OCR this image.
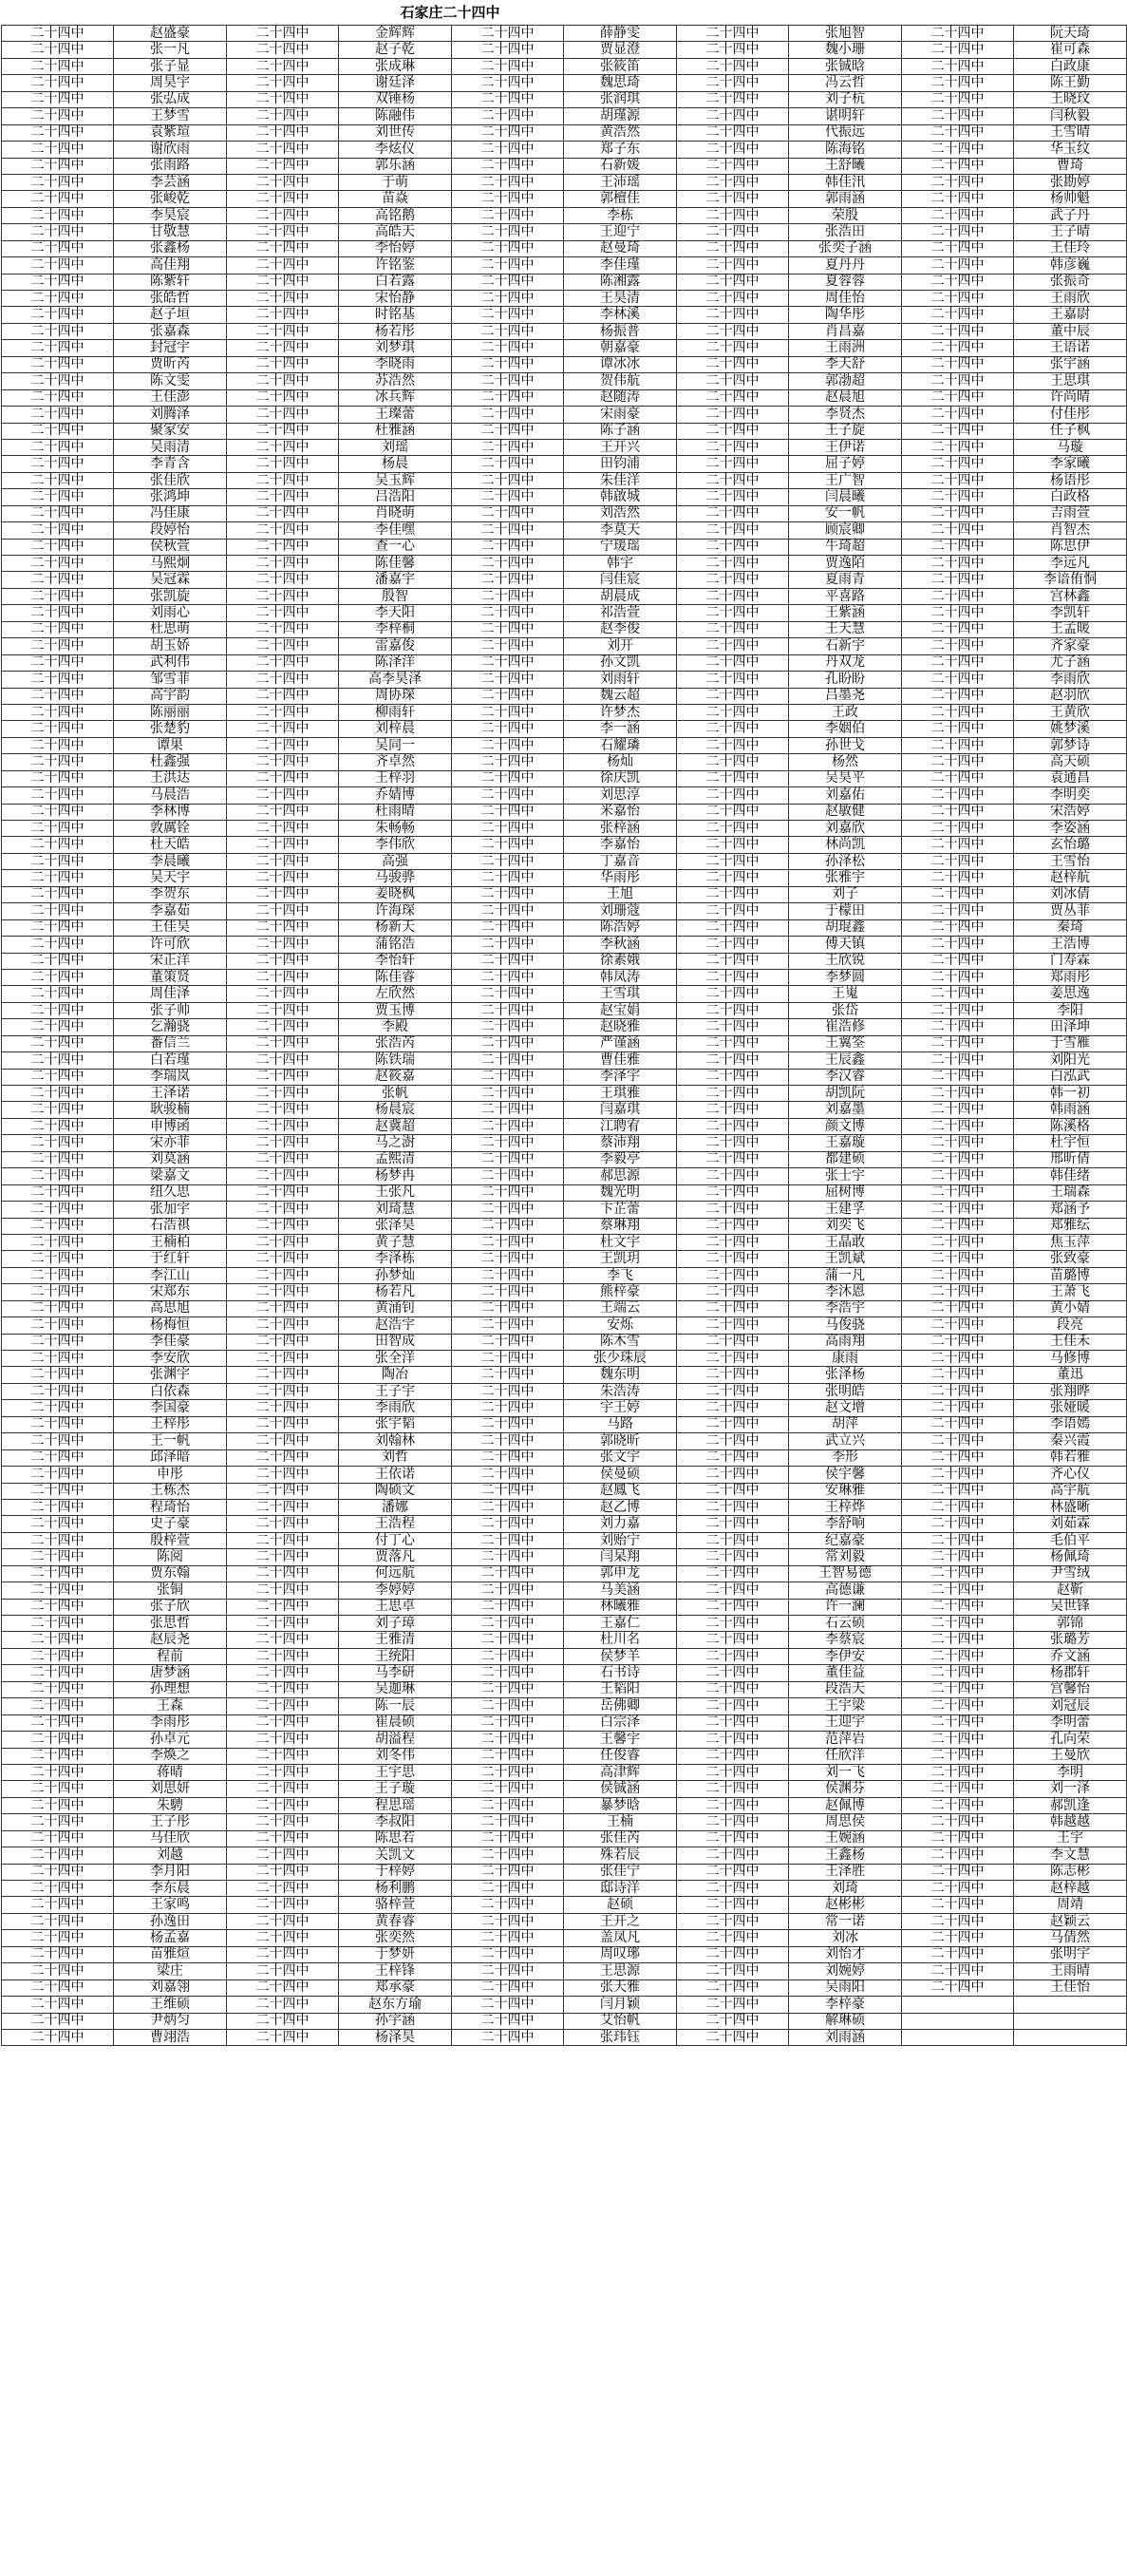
石家庄二十四中
二十四中	赵盛豪	二十四中	金辉辉	二十四中	薛静雯	二十四中	张旭智	二十四中	阮天琦
二十四中	张一凡	二十四中	赵子乾	二十四中	贾显澄	二十四中	魏小珊	二十四中	崔可森
二十四中	张子显	二十四中	张成琳	二十四中	张筱笛	二十四中	张铖晗	二十四中	白政康
二十四中	周昊宇	二十四中	谢廷泽	二十四中	魏思琦	二十四中	冯云哲	二十四中	陈王勤
二十四中	张弘成	二十四中	双锤杨	二十四中	张润琪	二十四中	刘子杭	二十四中	王晓玟
二十四中	王梦雪	二十四中	陈融伟	二十四中	胡瑾源	二十四中	谌明轩	二十四中	闫秋毅
二十四中	袁紫瑄	二十四中	刘世传	二十四中	黄浩然	二十四中	代振远	二十四中	王雪晴
二十四中	谢欣雨	二十四中	李炫仪	二十四中	郑子东	二十四中	陈海铭	二十四中	华玉纹
二十四中	张雨路	二十四中	郭乐涵	二十四中	石新媛	二十四中	王舒曦	二十四中	曹琦
二十四中	李芸涵	二十四中	于萌	二十四中	王沛瑶	二十四中	韩佳汛	二十四中	张勘婷
二十四中	张峻乾	二十四中	苗焱	二十四中	郭檀佳	二十四中	郭雨涵	二十四中	杨帅魁
二十四中	李昊宸	二十四中	高铭鹅	二十四中	李栋	二十四中	荣殷	二十四中	武子丹
二十四中	甘敬慧	二十四中	高皓天	二十四中	王迎宁	二十四中	张浩田	二十四中	王子晴
二十四中	张鑫杨	二十四中	李怡婷	二十四中	赵曼琦	二十四中	张奕子涵	二十四中	王佳玲
二十四中	高佳翔	二十四中	许铭鉴	二十四中	李佳瑾	二十四中	夏丹丹	二十四中	韩彦巍
二十四中	陈紫轩	二十四中	白若露	二十四中	陈湘露	二十四中	夏蓉蓉	二十四中	张振奇
二十四中	张皓哲	二十四中	宋怡静	二十四中	王昊清	二十四中	周佳怡	二十四中	王雨欣
二十四中	赵子垣	二十四中	时铭基	二十四中	李林溪	二十四中	陶华彤	二十四中	王嘉尉
二十四中	张嘉森	二十四中	杨若彤	二十四中	杨振普	二十四中	肖昌嘉	二十四中	董中辰
二十四中	封冠宇	二十四中	刘梦琪	二十四中	朝嘉豪	二十四中	王雨洲	二十四中	王语诺
二十四中	贾昕芮	二十四中	李晓雨	二十四中	谭冰冰	二十四中	李天舒	二十四中	张宇涵
二十四中	陈文雯	二十四中	苏浩然	二十四中	贺伟航	二十四中	郭渤超	二十四中	王思琪
二十四中	王佳澎	二十四中	冰兵辉	二十四中	赵随涛	二十四中	赵晨旭	二十四中	许尚晴
二十四中	刘腾泽	二十四中	王璨蕾	二十四中	宋雨豪	二十四中	李贤杰	二十四中	付佳彤
二十四中	聚家安	二十四中	杜雅涵	二十四中	陈子涵	二十四中	王子旋	二十四中	任子枫
二十四中	吴雨清	二十四中	刘瑶	二十四中	王开兴	二十四中	王伊诺	二十四中	马璇
二十四中	李青含	二十四中	杨晨	二十四中	田钧浦	二十四中	屈子婷	二十四中	李家曦
二十四中	张佳欣	二十四中	吴玉辉	二十四中	朱佳洋	二十四中	王广智	二十四中	杨语彤
二十四中	张鸿坤	二十四中	吕浩阳	二十四中	韩啟城	二十四中	闫晨曦	二十四中	白政格
二十四中	冯佳康	二十四中	肖晓萌	二十四中	刘浩然	二十四中	安一帆	二十四中	吉雨萱
二十四中	段婷怡	二十四中	李佳嘿	二十四中	李莫天	二十四中	顾宸卿	二十四中	肖智杰
二十四中	侯秋萱	二十四中	查一心	二十四中	宁瑗瑶	二十四中	牛琦超	二十四中	陈思伊
二十四中	马熙炯	二十四中	陈佳馨	二十四中	韩宇	二十四中	贾逸陌	二十四中	李远凡
二十四中	吴冠霖	二十四中	潘嘉宇	二十四中	闫佳宸	二十四中	夏雨青	二十四中	李谙侑恫
二十四中	张凯旋	二十四中	殷智	二十四中	胡晨成	二十四中	平喜路	二十四中	宫林鑫
二十四中	刘雨心	二十四中	李天阳	二十四中	祁浩萱	二十四中	王紫涵	二十四中	李凯轩
二十四中	杜思萌	二十四中	李梓桐	二十四中	赵李俊	二十四中	王天慧	二十四中	王孟暖
二十四中	胡玉娇	二十四中	雷嘉俊	二十四中	刘开	二十四中	石新宇	二十四中	齐家豪
二十四中	武利伟	二十四中	陈泽洋	二十四中	孙文凯	二十四中	丹双龙	二十四中	尤子涵
二十四中	邹雪菲	二十四中	高李昊泽	二十四中	刘雨轩	二十四中	孔盼盼	二十四中	李雨欣
二十四中	高宇韵	二十四中	周协琛	二十四中	魏云超	二十四中	吕墨尧	二十四中	赵羽欣
二十四中	陈丽丽	二十四中	柳雨轩	二十四中	许梦杰	二十四中	王政	二十四中	王黄欣
二十四中	张楚豹	二十四中	刘梓晨	二十四中	李一涵	二十四中	李姻伯	二十四中	姚梦溪
二十四中	谭果	二十四中	吴同一	二十四中	石耀璘	二十四中	孙世戈	二十四中	郭梦诗
二十四中	杜鑫强	二十四中	齐卓然	二十四中	杨灿	二十四中	杨然	二十四中	高天硕
二十四中	王洪达	二十四中	王梓羽	二十四中	徐庆凯	二十四中	吴昊平	二十四中	袁通昌
二十四中	马晨浩	二十四中	乔婧博	二十四中	刘思淳	二十四中	刘嘉佑	二十四中	李明奕
二十四中	李林博	二十四中	杜雨晴	二十四中	米嘉怡	二十四中	赵敏健	二十四中	宋浩婷
二十四中	敦厲铨	二十四中	朱畅畅	二十四中	张梓涵	二十四中	刘嘉欣	二十四中	李姿涵
二十四中	杜天皓	二十四中	李伟欣	二十四中	李嘉怡	二十四中	林尚凯	二十四中	玄怡璐
二十四中	李晨曦	二十四中	高强	二十四中	丁嘉音	二十四中	孙泽松	二十四中	王雪怡
二十四中	吴天宇	二十四中	马骏骅	二十四中	华雨彤	二十四中	张雅宇	二十四中	赵梓航
二十四中	李贺东	二十四中	姜晓枫	二十四中	王旭	二十四中	刘子	二十四中	刘冰倩
二十四中	李嘉茹	二十四中	许海琛	二十四中	刘珊蔻	二十四中	于檬田	二十四中	贾丛菲
二十四中	王佳昊	二十四中	杨新天	二十四中	陈浩婷	二十四中	胡琨鑫	二十四中	秦琦
二十四中	许可欣	二十四中	蒲铭浩	二十四中	李秋涵	二十四中	傅天镇	二十四中	王浩博
二十四中	宋正洋	二十四中	李怡轩	二十四中	徐素娥	二十四中	王欣锐	二十四中	门寿霖
二十四中	董策贤	二十四中	陈佳睿	二十四中	韩凤涛	二十四中	李梦圆	二十四中	郑雨彤
二十四中	周佳泽	二十四中	左欣然	二十四中	王雪琪	二十四中	王嵬	二十四中	姜思逸
二十四中	张子帅	二十四中	贾玉博	二十四中	赵宝娟	二十四中	张岱	二十四中	李阳
二十四中	乞瀚骁	二十四中	李殿	二十四中	赵晓雅	二十四中	崔浩修	二十四中	田泽坤
二十四中	番信兰	二十四中	张浩芮	二十四中	严谨涵	二十四中	王翼筌	二十四中	于雪雁
二十四中	白若瑾	二十四中	陈铁瑞	二十四中	曹佳雅	二十四中	王辰鑫	二十四中	刘阳光
二十四中	李瑞岚	二十四中	赵筱嘉	二十四中	李泽宇	二十四中	李汉睿	二十四中	白泓武
二十四中	王泽诺	二十四中	张帆	二十四中	王琪雅	二十四中	胡凯阮	二十四中	韩一初
二十四中	耿骏楠	二十四中	杨晨宸	二十四中	闫嘉琪	二十四中	刘嘉墨	二十四中	韩雨涵
二十四中	申博函	二十四中	赵冀超	二十四中	江聘宥	二十四中	颜文博	二十四中	陈溪格
二十四中	宋亦菲	二十四中	马之澍	二十四中	蔡沛翔	二十四中	王嘉璇	二十四中	杜宇恒
二十四中	刘莫涵	二十四中	孟熙清	二十四中	李毅亭	二十四中	都建硕	二十四中	邢昕倩
二十四中	梁嘉文	二十四中	杨梦冉	二十四中	郝思源	二十四中	张士宇	二十四中	韩佳绪
二十四中	纽久思	二十四中	王张凡	二十四中	魏光明	二十四中	屈树博	二十四中	王瑞森
二十四中	张加宇	二十四中	刘琦慧	二十四中	卞芷蕾	二十四中	王建孚	二十四中	郑涵予
二十四中	石浩祺	二十四中	张泽昊	二十四中	蔡琳翔	二十四中	刘奕飞	二十四中	郑雅纭
二十四中	王楠柏	二十四中	黄子慧	二十四中	杜文宇	二十四中	王晶敢	二十四中	焦玉萍
二十四中	于红轩	二十四中	李泽栋	二十四中	王凯玥	二十四中	王凯斌	二十四中	张致豪
二十四中	李江山	二十四中	孙梦灿	二十四中	李飞	二十四中	蒲一凡	二十四中	苗璐博
二十四中	宋郑东	二十四中	杨若凡	二十四中	熊梓豪	二十四中	李沐恩	二十四中	王萧飞
二十四中	高思旭	二十四中	黄涌钊	二十四中	王端云	二十四中	李浩宇	二十四中	黄小婧
二十四中	杨梅恒	二十四中	赵浩宇	二十四中	安烁	二十四中	马俊骁	二十四中	段亮
二十四中	李佳豪	二十四中	田智成	二十四中	陈木雪	二十四中	高雨翔	二十四中	王佳禾
二十四中	李安欣	二十四中	张全洋	二十四中	张少珠辰	二十四中	康雨	二十四中	马修博
二十四中	张渊宇	二十四中	陶冶	二十四中	魏东明	二十四中	张泽杨	二十四中	董迅
二十四中	白依森	二十四中	王子宇	二十四中	朱浩涛	二十四中	张明皓	二十四中	张翔晔
二十四中	李国豪	二十四中	李雨欣	二十四中	宇王婷	二十四中	赵文增	二十四中	张娅暖
二十四中	王梓彤	二十四中	张宇韬	二十四中	马路	二十四中	胡萍	二十四中	李语嫣
二十四中	王一帆	二十四中	刘翰林	二十四中	郭晓昕	二十四中	武立兴	二十四中	秦兴霞
二十四中	邱泽暗	二十四中	刘哲	二十四中	张文宇	二十四中	李形	二十四中	韩若雅
二十四中	申彤	二十四中	王依诺	二十四中	侯曼硕	二十四中	侯宇馨	二十四中	齐心仪
二十四中	王栋杰	二十四中	陶硕文	二十四中	赵鳳飞	二十四中	安琳雅	二十四中	高宇航
二十四中	程琦怡	二十四中	潘娜	二十四中	赵乙博	二十四中	王梓烨	二十四中	林盛晰
二十四中	史子豪	二十四中	王浩程	二十四中	刘力嘉	二十四中	李舒响	二十四中	刘茹霖
二十四中	殷梓萱	二十四中	付丁心	二十四中	刘贻宁	二十四中	纪嘉豪	二十四中	毛伯平
二十四中	陈阅	二十四中	贾落凡	二十四中	闫杲翔	二十四中	常刘毅	二十四中	杨佩琦
二十四中	贾东翰	二十四中	何远航	二十四中	郭申龙	二十四中	王智易德	二十四中	尹雪绒
二十四中	张铜	二十四中	李婷婷	二十四中	马美涵	二十四中	高德谦	二十四中	赵靳
二十四中	张子欣	二十四中	王思卓	二十四中	林曦雅	二十四中	许一澜	二十四中	吴世锋
二十四中	张思哲	二十四中	刘子璋	二十四中	王嘉仁	二十四中	石云硕	二十四中	郭锦
二十四中	赵辰尧	二十四中	王雅清	二十四中	杜川名	二十四中	李蔡宸	二十四中	张璐芳
二十四中	程前	二十四中	王统阳	二十四中	侯梦羊	二十四中	李伊安	二十四中	乔文涵
二十四中	唐梦涵	二十四中	马李研	二十四中	石书诗	二十四中	董佳益	二十四中	杨郡轩
二十四中	孙理想	二十四中	吴迦琳	二十四中	王韬阳	二十四中	段浩天	二十四中	宫馨怡
二十四中	王森	二十四中	陈一辰	二十四中	岳佛卿	二十四中	王宇梁	二十四中	刘冠辰
二十四中	李雨彤	二十四中	崔晨硕	二十四中	白宗泽	二十四中	王迎宇	二十四中	李明蕾
二十四中	孙卓元	二十四中	胡溢程	二十四中	王馨宇	二十四中	范萍岩	二十四中	孔向荣
二十四中	李煥之	二十四中	刘冬伟	二十四中	任俊睿	二十四中	任欣洋	二十四中	王曼欣
二十四中	蒋晴	二十四中	王宇思	二十四中	高津辉	二十四中	刘一飞	二十四中	李明
二十四中	刘思妍	二十四中	王子璇	二十四中	侯铖涵	二十四中	侯渊芬	二十四中	刘一泽
二十四中	朱騁	二十四中	程思瑶	二十四中	暴梦晗	二十四中	赵佩博	二十四中	郝凯逢
二十四中	王子彤	二十四中	李叔阳	二十四中	王楠	二十四中	周思侯	二十四中	韩越越
二十四中	马佳欣	二十四中	陈思若	二十四中	张佳芮	二十四中	王婉涵	二十四中	王宇
二十四中	刘越	二十四中	关凯文	二十四中	殊若辰	二十四中	王鑫杨	二十四中	李文慧
二十四中	李月阳	二十四中	于梓婷	二十四中	张佳宁	二十四中	王泽胜	二十四中	陈志彬
二十四中	李东晨	二十四中	杨利鹏	二十四中	邸诗洋	二十四中	刘琦	二十四中	赵梓越
二十四中	王家鸣	二十四中	骆梓萱	二十四中	赵硕	二十四中	赵彬彬	二十四中	周靖
二十四中	孙逸田	二十四中	黄春睿	二十四中	王开之	二十四中	常一诺	二十四中	赵颖云
二十四中	杨孟嘉	二十四中	张奕然	二十四中	盖凤凡	二十四中	刘冰	二十四中	马倩然
二十四中	苗雅煊	二十四中	于梦妍	二十四中	周叹琊	二十四中	刘怡才	二十四中	张明宇
二十四中	梁庄	二十四中	王梓锋	二十四中	王思源	二十四中	刘婉婷	二十四中	王雨晴
二十四中	刘嘉翎	二十四中	郑承豪	二十四中	张天雅	二十四中	吴雨阳	二十四中	王佳怡
二十四中	王维硕	二十四中	赵东方瑜	二十四中	闫月颖	二十四中	李梓豪		
二十四中	尹炳匀	二十四中	孙宇涵	二十四中	艾怡帆	二十四中	解琳硕		
二十四中	曹翊浩	二十四中	杨泽昊	二十四中	张玮钰	二十四中	刘雨涵		
